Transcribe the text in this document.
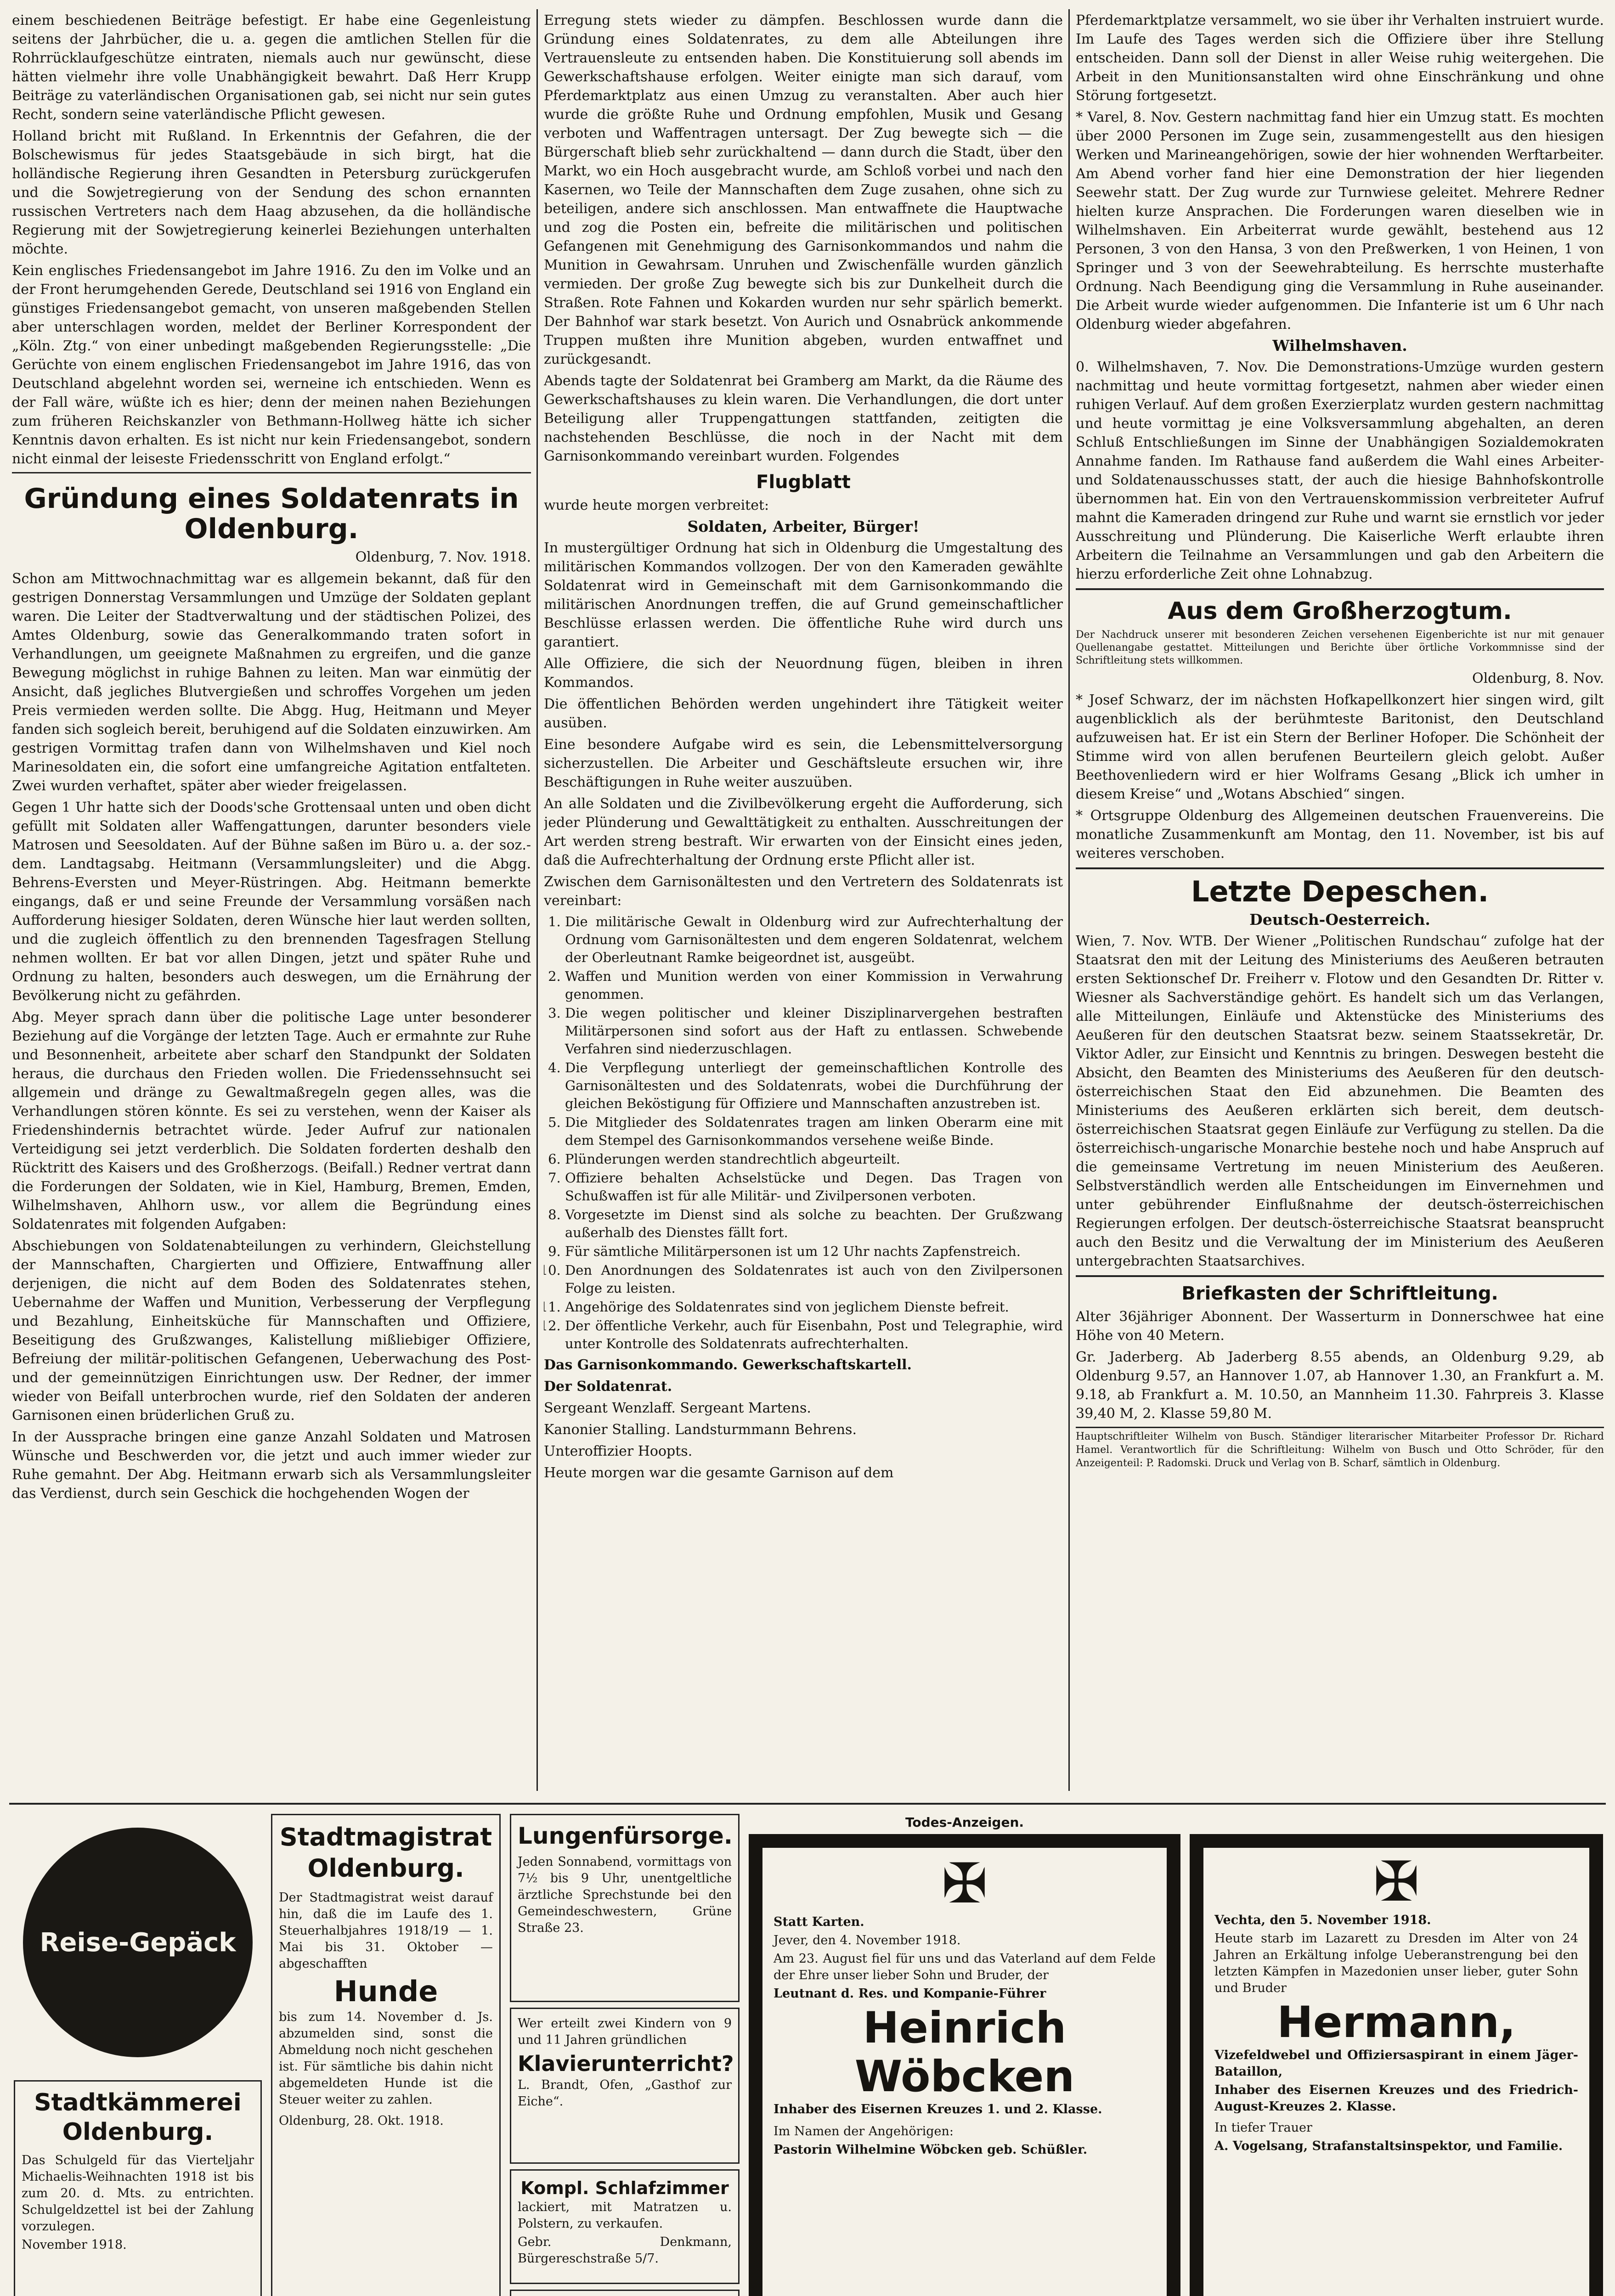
einem beschiedenen Beiträge befestigt. Er habe eine Gegenleistung seitens der Jahrbücher, die u. a. gegen die amtlichen Stellen für die Rohrrücklaufgeschütze eintraten, niemals auch nur gewünscht, diese hätten vielmehr ihre volle Unabhängigkeit bewahrt. Daß Herr Krupp Beiträge zu vaterländischen Organisationen gab, sei nicht nur sein gutes Recht, sondern seine vaterländische Pflicht gewesen.

Holland bricht mit Rußland. In Erkenntnis der Gefahren, die der Bolschewismus für jedes Staatsgebäude in sich birgt, hat die holländische Regierung ihren Gesandten in Petersburg zurückgerufen und die Sowjetregierung von der Sendung des schon ernannten russischen Vertreters nach dem Haag abzusehen, da die holländische Regierung mit der Sowjetregierung keinerlei Beziehungen unterhalten möchte.

Kein englisches Friedensangebot im Jahre 1916. Zu den im Volke und an der Front herumgehenden Gerede, Deutschland sei 1916 von England ein günstiges Friedensangebot gemacht, von unseren maßgebenden Stellen aber unterschlagen worden, meldet der Berliner Korrespondent der „Köln. Ztg.“ von einer unbedingt maßgebenden Regierungsstelle: „Die Gerüchte von einem englischen Friedensangebot im Jahre 1916, das von Deutschland abgelehnt worden sei, werneine ich entschieden. Wenn es der Fall wäre, wüßte ich es hier; denn der meinen nahen Beziehungen zum früheren Reichskanzler von Bethmann-Hollweg hätte ich sicher Kenntnis davon erhalten. Es ist nicht nur kein Friedensangebot, sondern nicht einmal der leiseste Friedensschritt von England erfolgt.“

Gründung eines Soldatenrats in Oldenburg.

Oldenburg, 7. Nov. 1918.

Schon am Mittwochnachmittag war es allgemein bekannt, daß für den gestrigen Donnerstag Versammlungen und Umzüge der Soldaten geplant waren. Die Leiter der Stadtverwaltung und der städtischen Polizei, des Amtes Oldenburg, sowie das Generalkommando traten sofort in Verhandlungen, um geeignete Maßnahmen zu ergreifen, und die ganze Bewegung möglichst in ruhige Bahnen zu leiten. Man war einmütig der Ansicht, daß jegliches Blutvergießen und schroffes Vorgehen um jeden Preis vermieden werden sollte. Die Abgg. Hug, Heitmann und Meyer fanden sich sogleich bereit, beruhigend auf die Soldaten einzuwirken. Am gestrigen Vormittag trafen dann von Wilhelmshaven und Kiel noch Marinesoldaten ein, die sofort eine umfangreiche Agitation entfalteten. Zwei wurden verhaftet, später aber wieder freigelassen.

Gegen 1 Uhr hatte sich der Doods'sche Grottensaal unten und oben dicht gefüllt mit Soldaten aller Waffengattungen, darunter besonders viele Matrosen und Seesoldaten. Auf der Bühne saßen im Büro u. a. der soz.-dem. Landtagsabg. Heitmann (Versammlungsleiter) und die Abgg. Behrens-Eversten und Meyer-Rüstringen. Abg. Heitmann bemerkte eingangs, daß er und seine Freunde der Versammlung vorsäßen nach Aufforderung hiesiger Soldaten, deren Wünsche hier laut werden sollten, und die zugleich öffentlich zu den brennenden Tagesfragen Stellung nehmen wollten. Er bat vor allen Dingen, jetzt und später Ruhe und Ordnung zu halten, besonders auch deswegen, um die Ernährung der Bevölkerung nicht zu gefährden.

Abg. Meyer sprach dann über die politische Lage unter besonderer Beziehung auf die Vorgänge der letzten Tage. Auch er ermahnte zur Ruhe und Besonnenheit, arbeitete aber scharf den Standpunkt der Soldaten heraus, die durchaus den Frieden wollen. Die Friedenssehnsucht sei allgemein und dränge zu Gewaltmaßregeln gegen alles, was die Verhandlungen stören könnte. Es sei zu verstehen, wenn der Kaiser als Friedenshindernis betrachtet würde. Jeder Aufruf zur nationalen Verteidigung sei jetzt verderblich. Die Soldaten forderten deshalb den Rücktritt des Kaisers und des Großherzogs. (Beifall.) Redner vertrat dann die Forderungen der Soldaten, wie in Kiel, Hamburg, Bremen, Emden, Wilhelmshaven, Ahlhorn usw., vor allem die Begründung eines Soldatenrates mit folgenden Aufgaben:

Abschiebungen von Soldatenabteilungen zu verhindern, Gleichstellung der Mannschaften, Chargierten und Offiziere, Entwaffnung aller derjenigen, die nicht auf dem Boden des Soldatenrates stehen, Uebernahme der Waffen und Munition, Verbesserung der Verpflegung und Bezahlung, Einheitsküche für Mannschaften und Offiziere, Beseitigung des Grußzwanges, Kalistellung mißliebiger Offiziere, Befreiung der militär-politischen Gefangenen, Ueberwachung des Post- und der gemeinnützigen Einrichtungen usw. Der Redner, der immer wieder von Beifall unterbrochen wurde, rief den Soldaten der anderen Garnisonen einen brüderlichen Gruß zu.

In der Aussprache bringen eine ganze Anzahl Soldaten und Matrosen Wünsche und Beschwerden vor, die jetzt und auch immer wieder zur Ruhe gemahnt. Der Abg. Heitmann erwarb sich als Versammlungsleiter das Verdienst, durch sein Geschick die hochgehenden Wogen der

Erregung stets wieder zu dämpfen. Beschlossen wurde dann die Gründung eines Soldatenrates, zu dem alle Abteilungen ihre Vertrauensleute zu entsenden haben. Die Konstituierung soll abends im Gewerkschaftshause erfolgen. Weiter einigte man sich darauf, vom Pferdemarktplatz aus einen Umzug zu veranstalten. Aber auch hier wurde die größte Ruhe und Ordnung empfohlen, Musik und Gesang verboten und Waffentragen untersagt. Der Zug bewegte sich — die Bürgerschaft blieb sehr zurückhaltend — dann durch die Stadt, über den Markt, wo ein Hoch ausgebracht wurde, am Schloß vorbei und nach den Kasernen, wo Teile der Mannschaften dem Zuge zusahen, ohne sich zu beteiligen, andere sich anschlossen. Man entwaffnete die Hauptwache und zog die Posten ein, befreite die militärischen und politischen Gefangenen mit Genehmigung des Garnisonkommandos und nahm die Munition in Gewahrsam. Unruhen und Zwischenfälle wurden gänzlich vermieden. Der große Zug bewegte sich bis zur Dunkelheit durch die Straßen. Rote Fahnen und Kokarden wurden nur sehr spärlich bemerkt. Der Bahnhof war stark besetzt. Von Aurich und Osnabrück ankommende Truppen mußten ihre Munition abgeben, wurden entwaffnet und zurückgesandt.

Abends tagte der Soldatenrat bei Gramberg am Markt, da die Räume des Gewerkschaftshauses zu klein waren. Die Verhandlungen, die dort unter Beteiligung aller Truppengattungen stattfanden, zeitigten die nachstehenden Beschlüsse, die noch in der Nacht mit dem Garnisonkommando vereinbart wurden. Folgendes

Flugblatt

wurde heute morgen verbreitet:

Soldaten, Arbeiter, Bürger!

In mustergültiger Ordnung hat sich in Oldenburg die Umgestaltung des militärischen Kommandos vollzogen. Der von den Kameraden gewählte Soldatenrat wird in Gemeinschaft mit dem Garnisonkommando die militärischen Anordnungen treffen, die auf Grund gemeinschaftlicher Beschlüsse erlassen werden. Die öffentliche Ruhe wird durch uns garantiert.

Alle Offiziere, die sich der Neuordnung fügen, bleiben in ihren Kommandos.

Die öffentlichen Behörden werden ungehindert ihre Tätigkeit weiter ausüben.

Eine besondere Aufgabe wird es sein, die Lebensmittelversorgung sicherzustellen. Die Arbeiter und Geschäftsleute ersuchen wir, ihre Beschäftigungen in Ruhe weiter auszuüben.

An alle Soldaten und die Zivilbevölkerung ergeht die Aufforderung, sich jeder Plünderung und Gewalttätigkeit zu enthalten. Ausschreitungen der Art werden streng bestraft. Wir erwarten von der Einsicht eines jeden, daß die Aufrechterhaltung der Ordnung erste Pflicht aller ist.

Zwischen dem Garnisonältesten und den Vertretern des Soldatenrats ist vereinbart:

1. Die militärische Gewalt in Oldenburg wird zur Aufrechterhaltung der Ordnung vom Garnisonältesten und dem engeren Soldatenrat, welchem der Oberleutnant Ramke beigeordnet ist, ausgeübt.
2. Waffen und Munition werden von einer Kommission in Verwahrung genommen.
3. Die wegen politischer und kleiner Disziplinarvergehen bestraften Militärpersonen sind sofort aus der Haft zu entlassen. Schwebende Verfahren sind niederzuschlagen.
4. Die Verpflegung unterliegt der gemeinschaftlichen Kontrolle des Garnisonältesten und des Soldatenrats, wobei die Durchführung der gleichen Beköstigung für Offiziere und Mannschaften anzustreben ist.
5. Die Mitglieder des Soldatenrates tragen am linken Oberarm eine mit dem Stempel des Garnisonkommandos versehene weiße Binde.
6. Plünderungen werden standrechtlich abgeurteilt.
7. Offiziere behalten Achselstücke und Degen. Das Tragen von Schußwaffen ist für alle Militär- und Zivilpersonen verboten.
8. Vorgesetzte im Dienst sind als solche zu beachten. Der Grußzwang außerhalb des Dienstes fällt fort.
9. Für sämtliche Militärpersonen ist um 12 Uhr nachts Zapfenstreich.
10. Den Anordnungen des Soldatenrates ist auch von den Zivilpersonen Folge zu leisten.
11. Angehörige des Soldatenrates sind von jeglichem Dienste befreit.
12. Der öffentliche Verkehr, auch für Eisenbahn, Post und Telegraphie, wird unter Kontrolle des Soldatenrats aufrechterhalten.

Das Garnisonkommando. Gewerkschaftskartell.

Der Soldatenrat.

Sergeant Wenzlaff. Sergeant Martens.

Kanonier Stalling. Landsturmmann Behrens.

Unteroffizier Hoopts.

Heute morgen war die gesamte Garnison auf dem

Pferdemarktplatze versammelt, wo sie über ihr Verhalten instruiert wurde. Im Laufe des Tages werden sich die Offiziere über ihre Stellung entscheiden. Dann soll der Dienst in aller Weise ruhig weitergehen. Die Arbeit in den Munitionsanstalten wird ohne Einschränkung und ohne Störung fortgesetzt.

* Varel, 8. Nov. Gestern nachmittag fand hier ein Umzug statt. Es mochten über 2000 Personen im Zuge sein, zusammengestellt aus den hiesigen Werken und Marineangehörigen, sowie der hier wohnenden Werftarbeiter. Am Abend vorher fand hier eine Demonstration der hier liegenden Seewehr statt. Der Zug wurde zur Turnwiese geleitet. Mehrere Redner hielten kurze Ansprachen. Die Forderungen waren dieselben wie in Wilhelmshaven. Ein Arbeiterrat wurde gewählt, bestehend aus 12 Personen, 3 von den Hansa, 3 von den Preßwerken, 1 von Heinen, 1 von Springer und 3 von der Seewehrabteilung. Es herrschte musterhafte Ordnung. Nach Beendigung ging die Versammlung in Ruhe auseinander. Die Arbeit wurde wieder aufgenommen. Die Infanterie ist um 6 Uhr nach Oldenburg wieder abgefahren.

Wilhelmshaven.

0. Wilhelmshaven, 7. Nov. Die Demonstrations-Umzüge wurden gestern nachmittag und heute vormittag fortgesetzt, nahmen aber wieder einen ruhigen Verlauf. Auf dem großen Exerzierplatz wurden gestern nachmittag und heute vormittag je eine Volksversammlung abgehalten, an deren Schluß Entschließungen im Sinne der Unabhängigen Sozialdemokraten Annahme fanden. Im Rathause fand außerdem die Wahl eines Arbeiter- und Soldatenausschusses statt, der auch die hiesige Bahnhofskontrolle übernommen hat. Ein von den Vertrauenskommission verbreiteter Aufruf mahnt die Kameraden dringend zur Ruhe und warnt sie ernstlich vor jeder Ausschreitung und Plünderung. Die Kaiserliche Werft erlaubte ihren Arbeitern die Teilnahme an Versammlungen und gab den Arbeitern die hierzu erforderliche Zeit ohne Lohnabzug.

Aus dem Großherzogtum.

Der Nachdruck unserer mit besonderen Zeichen versehenen Eigenberichte ist nur mit genauer Quellenangabe gestattet. Mitteilungen und Berichte über örtliche Vorkommnisse sind der Schriftleitung stets willkommen.

Oldenburg, 8. Nov.

* Josef Schwarz, der im nächsten Hofkapellkonzert hier singen wird, gilt augenblicklich als der berühmteste Baritonist, den Deutschland aufzuweisen hat. Er ist ein Stern der Berliner Hofoper. Die Schönheit der Stimme wird von allen berufenen Beurteilern gleich gelobt. Außer Beethovenliedern wird er hier Wolframs Gesang „Blick ich umher in diesem Kreise“ und „Wotans Abschied“ singen.

* Ortsgruppe Oldenburg des Allgemeinen deutschen Frauenvereins. Die monatliche Zusammenkunft am Montag, den 11. November, ist bis auf weiteres verschoben.

Letzte Depeschen.
Deutsch-Oesterreich.

Wien, 7. Nov. WTB. Der Wiener „Politischen Rundschau“ zufolge hat der Staatsrat den mit der Leitung des Ministeriums des Aeußeren betrauten ersten Sektionschef Dr. Freiherr v. Flotow und den Gesandten Dr. Ritter v. Wiesner als Sachverständige gehört. Es handelt sich um das Verlangen, alle Mitteilungen, Einläufe und Aktenstücke des Ministeriums des Aeußeren für den deutschen Staatsrat bezw. seinem Staatssekretär, Dr. Viktor Adler, zur Einsicht und Kenntnis zu bringen. Deswegen besteht die Absicht, den Beamten des Ministeriums des Aeußeren für den deutsch-österreichischen Staat den Eid abzunehmen. Die Beamten des Ministeriums des Aeußeren erklärten sich bereit, dem deutsch-österreichischen Staatsrat gegen Einläufe zur Verfügung zu stellen. Da die österreichisch-ungarische Monarchie bestehe noch und habe Anspruch auf die gemeinsame Vertretung im neuen Ministerium des Aeußeren. Selbstverständlich werden alle Entscheidungen im Einvernehmen und unter gebührender Einflußnahme der deutsch-österreichischen Regierungen erfolgen. Der deutsch-österreichische Staatsrat beansprucht auch den Besitz und die Verwaltung der im Ministerium des Aeußeren untergebrachten Staatsarchives.

Briefkasten der Schriftleitung.

Alter 36jähriger Abonnent. Der Wasserturm in Donnerschwee hat eine Höhe von 40 Metern.

Gr. Jaderberg. Ab Jaderberg 8.55 abends, an Oldenburg 9.29, ab Oldenburg 9.57, an Hannover 1.07, ab Hannover 1.30, an Frankfurt a. M. 9.18, ab Frankfurt a. M. 10.50, an Mannheim 11.30. Fahrpreis 3. Klasse 39,40 M, 2. Klasse 59,80 M.

Hauptschriftleiter Wilhelm von Busch. Ständiger literarischer Mitarbeiter Professor Dr. Richard Hamel. Verantwortlich für die Schriftleitung: Wilhelm von Busch und Otto Schröder, für den Anzeigenteil: P. Radomski. Druck und Verlag von B. Scharf, sämtlich in Oldenburg.

Reise-Gepäck
Stadtkämmerei Oldenburg.

Das Schulgeld für das Vierteljahr Michaelis-Weihnachten 1918 ist bis zum 20. d. Mts. zu entrichten. Schulgeldzettel ist bei der Zahlung vorzulegen.

November 1918.

Stadtmagistrat Oldenburg.

Der Stadtmagistrat weist darauf hin, daß die im Laufe des 1. Steuerhalbjahres 1918/19 — 1. Mai bis 31. Oktober — abgeschafften

Hunde

bis zum 14. November d. Js. abzumelden sind, sonst die Abmeldung noch nicht geschehen ist. Für sämtliche bis dahin nicht abgemeldeten Hunde ist die Steuer weiter zu zahlen.

Oldenburg, 28. Okt. 1918.

Lungenfürsorge.

Jeden Sonnabend, vormittags von 7½ bis 9 Uhr, unentgeltliche ärztliche Sprechstunde bei den Gemeindeschwestern, Grüne Straße 23.

Wer erteilt zwei Kindern von 9 und 11 Jahren gründlichen

Klavierunterricht?

L. Brandt, Ofen, „Gasthof zur Eiche“.

Kompl. Schlafzimmer

lackiert, mit Matratzen u. Polstern, zu verkaufen.

Gebr. Denkmann, Bürgereschstraße 5/7.

Todes-Anzeigen.
✠

Statt Karten.

Jever, den 4. November 1918.

Am 23. August fiel für uns und das Vaterland auf dem Felde der Ehre unser lieber Sohn und Bruder, der

Leutnant d. Res. und Kompanie-Führer

Heinrich Wöbcken

Inhaber des Eisernen Kreuzes 1. und 2. Klasse.

Im Namen der Angehörigen:

Pastorin Wilhelmine Wöbcken geb. Schüßler.

✠

Vechta, den 5. November 1918.

Heute starb im Lazarett zu Dresden im Alter von 24 Jahren an Erkältung infolge Ueberanstrengung bei den letzten Kämpfen in Mazedonien unser lieber, guter Sohn und Bruder

Hermann,

Vizefeldwebel und Offiziersaspirant in einem Jäger-Bataillon,

Inhaber des Eisernen Kreuzes und des Friedrich-August-Kreuzes 2. Klasse.

In tiefer Trauer

A. Vogelsang, Strafanstaltsinspektor, und Familie.
